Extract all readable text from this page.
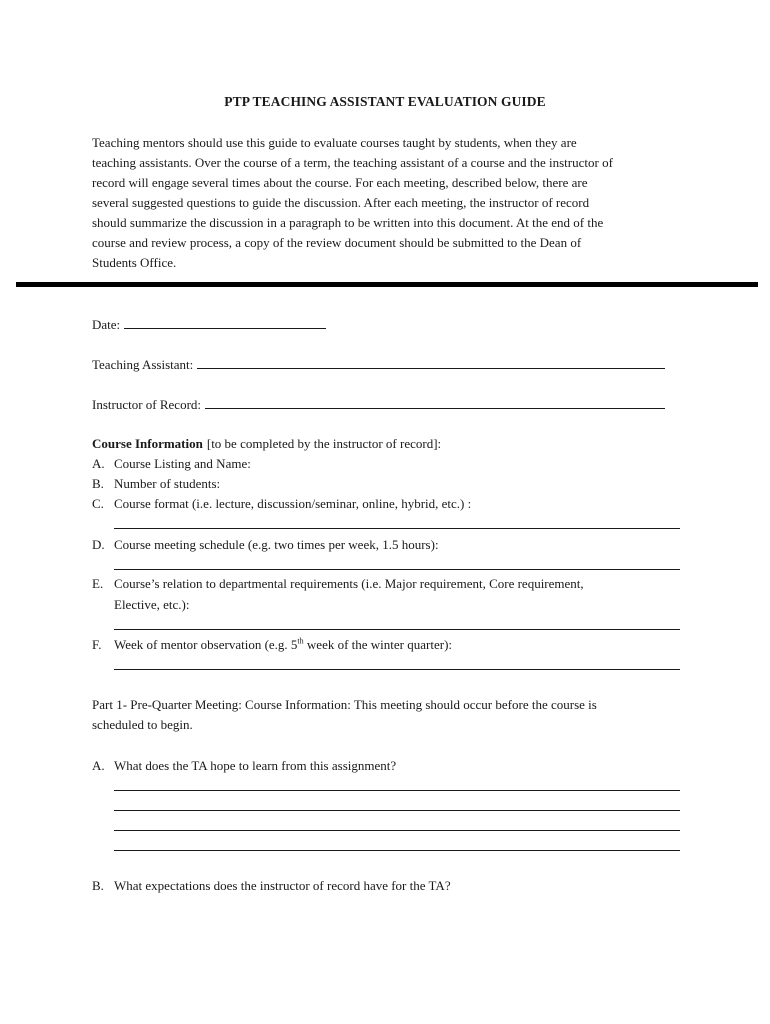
PTP TEACHING ASSISTANT EVALUATION GUIDE
Teaching mentors should use this guide to evaluate courses taught by students, when they are
teaching assistants. Over the course of a term, the teaching assistant of a course and the instructor of
record will engage several times about the course. For each meeting, described below, there are
several suggested questions to guide the discussion. After each meeting, the instructor of record
should summarize the discussion in a paragraph to be written into this document. At the end of the
course and review process, a copy of the review document should be submitted to the Dean of
Students Office.
Date:
Teaching Assistant:
Instructor of Record:
Course Information [to be completed by the instructor of record]:
A. Course Listing and Name:
B. Number of students:
C. Course format (i.e. lecture, discussion/seminar, online, hybrid, etc.) :
D. Course meeting schedule (e.g. two times per week, 1.5 hours):
E. Course’s relation to departmental requirements (i.e. Major requirement, Core requirement,
Elective, etc.):
F. Week of mentor observation (e.g. 5th week of the winter quarter):
Part 1- Pre-Quarter Meeting: Course Information: This meeting should occur before the course is
scheduled to begin.
A. What does the TA hope to learn from this assignment?
B. What expectations does the instructor of record have for the TA?
